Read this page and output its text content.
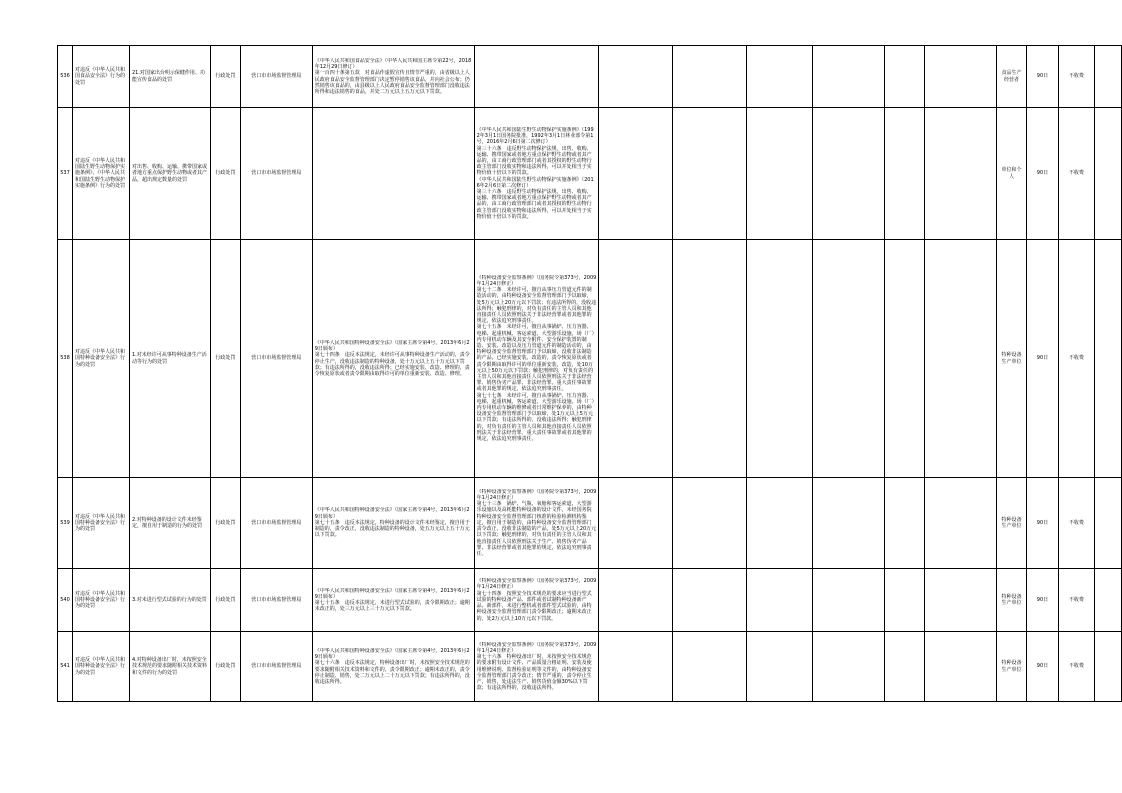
536	对违反《中华人民共和国食品安全法》行为的处罚	21.对国家出台明示保健作用、功能宣传食品的处罚	行政处罚	营口市市场监督管理局	《中华人民共和国食品安全法》（中华人民共和国主席令第22号，2018年12月29日修订）
第一百四十条第五款　对食品作虚假宣传且情节严重的，由省级以上人民政府食品安全监督管理部门决定暂停销售该食品，并向社会公布；仍然销售该食品的，由县级以上人民政府食品安全监督管理部门没收违法所得和违法销售的食品，并处二万元以上五万元以下罚款。								食品生产经营者	90日	不收费	
537	对违反《中华人民共和国陆生野生动物保护实施条例》、《中华人民共和国陆生野生动物保护实施条例》行为的处罚	对出售、收购、运输、携带国家或者地方重点保护野生动物或者其产品，超出规定数量的处罚	行政处罚	营口市市场监督管理局		《中华人民共和国陆生野生动物保护实施条例》（1992年3月1日国务院批准，1992年3月1日林业部令第1号，2016年2月6日第二次修订）
第三十六条　违反野生动物保护法规，出售、收购、运输、携带国家或者地方重点保护野生动物或者其产品的，由工商行政管理部门或者其授权的野生动物行政主管部门没收实物和违法所得，可以并处相当于实物价值十倍以下的罚款。
《中华人民共和国陆生野生动物保护实施条例》（2016年2月6日第二次修订）
第三十六条　违反野生动物保护法规，出售、收购、运输、携带国家或者地方重点保护野生动物或者其产品的，由工商行政管理部门或者其授权的野生动物行政主管部门没收实物和违法所得，可以并处相当于实物价值十倍以下的罚款。							单位和个人	90日	不收费	
538	对违反《中华人民共和国特种设备安全法》行为的处罚	1.对未经许可从事特种设备生产活动等行为的处罚	行政处罚	营口市市场监督管理局	《中华人民共和国特种设备安全法》（国家主席令第4号，2013年6月29日颁布）
第七十四条　违反本法规定，未经许可从事特种设备生产活动的，责令停止生产，没收违法制造的特种设备，处十万元以上五十万元以下罚款；有违法所得的，没收违法所得；已经实施安装、改造、修理的，责令恢复原状或者责令限期由取得许可的单位重新安装、改造、修理。	《特种设备安全监察条例》（国务院令第373号，2009年1月24日修正）
第七十二条　未经许可，擅自从事压力管道元件的制造活动的，由特种设备安全监督管理部门予以取缔，处5万元以上20万元以下罚款；有违法所得的，没收违法所得；触犯刑律的，对负有责任的主管人员和其他直接责任人员依照刑法关于非法经营罪或者其他罪的规定，依法追究刑事责任。
第七十五条　未经许可，擅自从事锅炉、压力容器、电梯、起重机械、客运索道、大型游乐设施、场（厂）内专用机动车辆及其安全附件、安全保护装置的制造、安装、改造以及压力管道元件的制造活动的，由特种设备安全监督管理部门予以取缔，没收非法制造的产品，已经实施安装、改造的，责令恢复原状或者责令限期由取得许可的单位重新安装、改造，处10万元以上50万元以下罚款；触犯刑律的，对负有责任的主管人员和其他直接责任人员依照刑法关于非法经营罪、销售伪劣产品罪、非法经营罪、重大责任事故罪或者其他罪的规定，依法追究刑事责任。
第七十七条　未经许可，擅自从事锅炉、压力容器、电梯、起重机械、客运索道、大型游乐设施、场（厂）内专用机动车辆的维修或者日常维护保养的，由特种设备安全监督管理部门予以取缔，处1万元以上5万元以下罚款；有违法所得的，没收违法所得；触犯刑律的，对负有责任的主管人员和其他直接责任人员依照刑法关于非法经营罪、重大责任事故罪或者其他罪的规定，依法追究刑事责任。							特种设备生产单位	90日	不收费	
539	对违反《中华人民共和国特种设备安全法》行为的处罚	2.对特种设备的设计文件未经鉴定，擅自用于制造的行为的处罚	行政处罚	营口市市场监督管理局	《中华人民共和国特种设备安全法》（国家主席令第4号，2013年6月29日颁布）
第七十五条　违反本法规定，特种设备的设计文件未经鉴定，擅自用于制造的，责令改正，没收违法制造的特种设备，处五万元以上五十万元以下罚款。	《特种设备安全监察条例》（国务院令第373号，2009年1月24日修正）
第七十三条　锅炉、气瓶、氧舱和客运索道、大型游乐设施以及高耗能特种设备的设计文件，未经国务院特种设备安全监督管理部门核准的检验检测机构鉴定，擅自用于制造的，由特种设备安全监督管理部门责令改正，没收非法制造的产品，处5万元以上20万元以下罚款；触犯刑律的，对负有责任的主管人员和其他直接责任人员依照刑法关于生产、销售伪劣产品罪、非法经营罪或者其他罪的规定，依法追究刑事责任。							特种设备生产单位	90日	不收费	
540	对违反《中华人民共和国特种设备安全法》行为的处罚	3.对未进行型式试验的行为的处罚	行政处罚	营口市市场监督管理局	《中华人民共和国特种设备安全法》（国家主席令第4号，2013年6月29日颁布）
第七十五条　违反本法规定，未进行型式试验的，责令限期改正；逾期未改正的，处三万元以上三十万元以下罚款。	《特种设备安全监察条例》（国务院令第373号，2009年1月24日修正）
第七十四条　按照安全技术规范的要求应当进行型式试验的特种设备产品、部件或者试制特种设备新产品、新部件，未进行整机或者部件型式试验的，由特种设备安全监督管理部门责令限期改正；逾期未改正的，处2万元以上10万元以下罚款。							特种设备生产单位	90日	不收费	
541	对违反《中华人民共和国特种设备安全法》行为的处罚	4.对特种设备出厂时，未按照安全技术规范的要求随附相关技术资料和文件的行为的处罚	行政处罚	营口市市场监督管理局	《中华人民共和国特种设备安全法》（国家主席令第4号，2013年6月29日颁布）
第七十六条　违反本法规定，特种设备出厂时，未按照安全技术规范的要求随附相关技术资料和文件的，责令限期改正；逾期未改正的，责令停止制造、销售，处二万元以上二十万元以下罚款；有违法所得的，没收违法所得。	《特种设备安全监察条例》（国务院令第373号，2009年1月24日修正）
第七十六条　特种设备出厂时，未按照安全技术规范的要求附有设计文件、产品质量合格证明、安装及使用维修说明、监督检验证明等文件的，由特种设备安全监督管理部门责令改正；情节严重的，责令停止生产、销售，处违法生产、销售货值金额30%以下罚款；有违法所得的，没收违法所得。							特种设备生产单位	90日	不收费	
